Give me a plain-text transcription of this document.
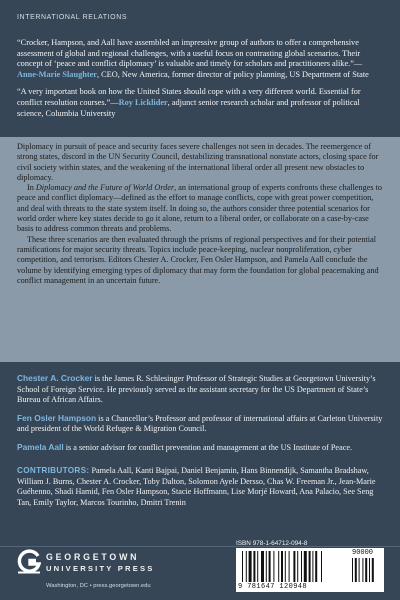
INTERNATIONAL RELATIONS

“Crocker, Hampson, and Aall have assembled an impressive group of authors to offer a comprehensive assessment of global and regional challenges, with a useful focus on contrasting global scenarios. Their concept of ‘peace and conflict diplomacy’ is valuable and timely for scholars and practitioners alike.”—Anne-Marie Slaughter, CEO, New America, former director of policy planning, US Department of State

“A very important book on how the United States should cope with a very different world. Essential for conflict resolution courses.”—Roy Licklider, adjunct senior research scholar and professor of political science, Columbia University

Diplomacy in pursuit of peace and security faces severe challenges not seen in decades. The reemergence of strong states, discord in the UN Security Council, destabilizing transnational nonstate actors, closing space for civil society within states, and the weakening of the international liberal order all present new obstacles to diplomacy.

In Diplomacy and the Future of World Order, an international group of experts confronts these challenges to peace and conflict diplomacy—defined as the effort to manage conflicts, cope with great power competition, and deal with threats to the state system itself. In doing so, the authors consider three potential scenarios for world order where key states decide to go it alone, return to a liberal order, or collaborate on a case-by-case basis to address common threats and problems.

These three scenarios are then evaluated through the prisms of regional perspectives and for their potential ramifications for major security threats. Topics include peace-keeping, nuclear nonproliferation, cyber competition, and terrorism. Editors Chester A. Crocker, Fen Osler Hampson, and Pamela Aall conclude the volume by identifying emerging types of diplomacy that may form the foundation for global peacemaking and conflict management in an uncertain future.

Chester A. Crocker is the James R. Schlesinger Professor of Strategic Studies at Georgetown University’s School of Foreign Service. He previously served as the assistant secretary for the US Department of State’s Bureau of African Affairs.

Fen Osler Hampson is a Chancellor’s Professor and professor of international affairs at Carleton University and president of the World Refugee & Migration Council.

Pamela Aall is a senior advisor for conflict prevention and management at the US Institute of Peace.

CONTRIBUTORS: Pamela Aall, Kanti Bajpai, Daniel Benjamin, Hans Binnendijk, Samantha Bradshaw, William J. Burns, Chester A. Crocker, Toby Dalton, Solomon Ayele Dersso, Chas W. Freeman Jr., Jean-Marie Guéhenno, Shadi Hamid, Fen Osler Hampson, Stacie Hoffmann, Lise Morjé Howard, Ana Palacio, See Seng Tan, Emily Taylor, Marcos Tourinho, Dmitri Trenin
GEORGETOWN
UNIVERSITY PRESS
Washington, DC • press.georgetown.edu
ISBN 978-1-64712-094-8
9 781647 120948
90000
